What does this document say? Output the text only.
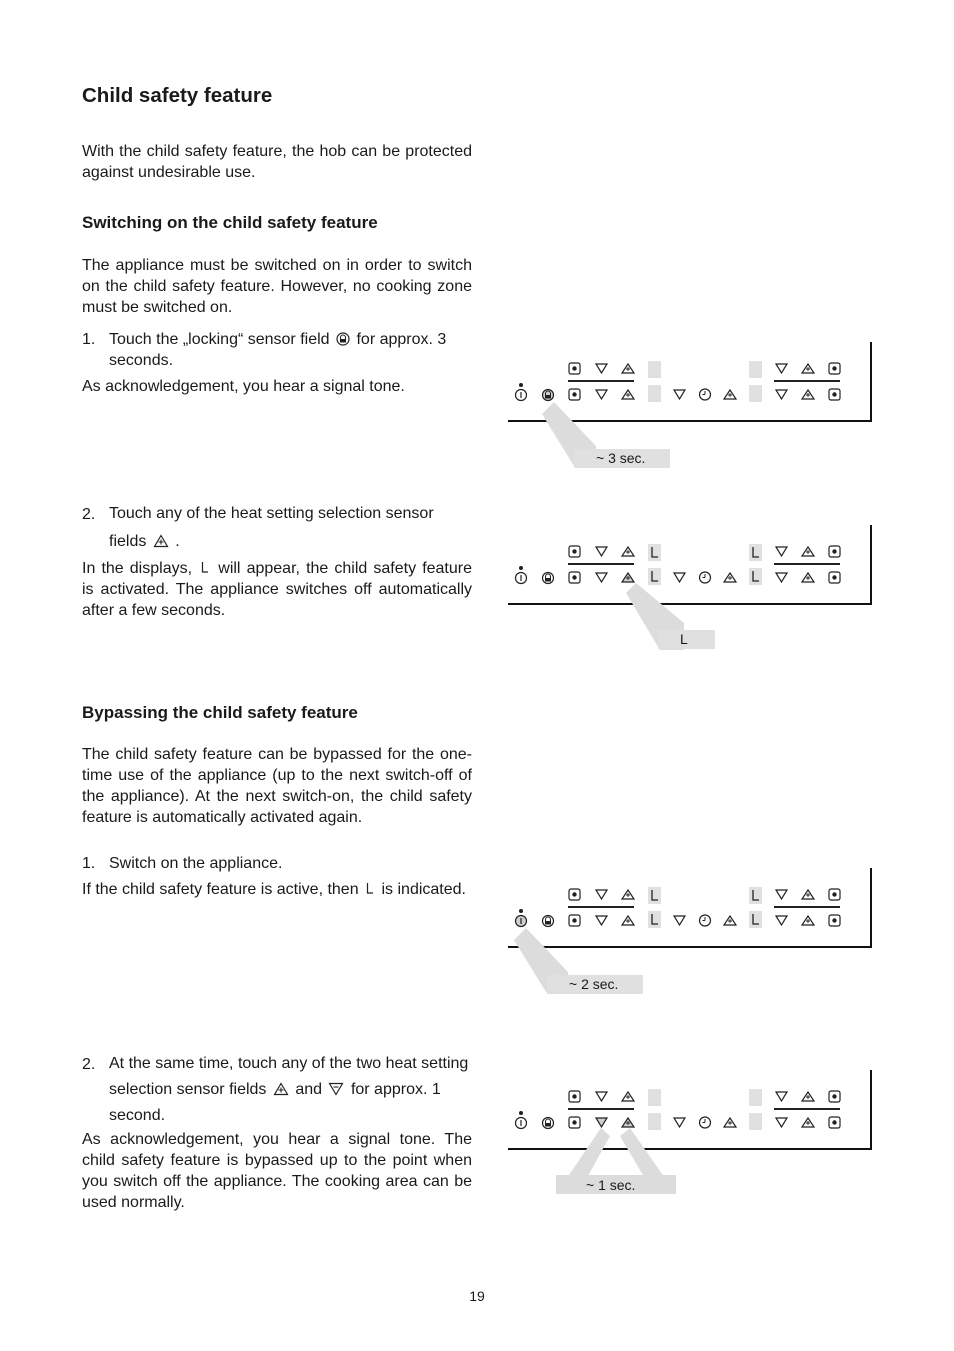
Child safety feature

With the child safety feature, the hob can be protected against undesirable use.

Switching on the child safety feature

The appliance must be switched on in order to switch on the child safety feature. However, no cooking zone must be switched on.

1. Touch the „locking“ sensor field for approx. 3 seconds.

As acknowledgement, you hear a signal tone.

2. Touch any of the heat setting selection sensor fields .

In the displays, will appear, the child safety feature is activated. The appliance switches off automatically after a few seconds.

Bypassing the child safety feature

The child safety feature can be bypassed for the one-time use of the appliance (up to the next switch-off of the appliance). At the next switch-on, the child safety feature is automatically activated again.

1. Switch on the appliance.

If the child safety feature is active, then is indicated.

2. At the same time, touch any of the two heat setting selection sensor fields and for approx. 1 second.

As acknowledgement, you hear a signal tone. The child safety feature is bypassed up to the point when you switch off the appliance. The cooking area can be used normally.

~ 3 sec.
L
~ 2 sec.
~ 1 sec.
19
